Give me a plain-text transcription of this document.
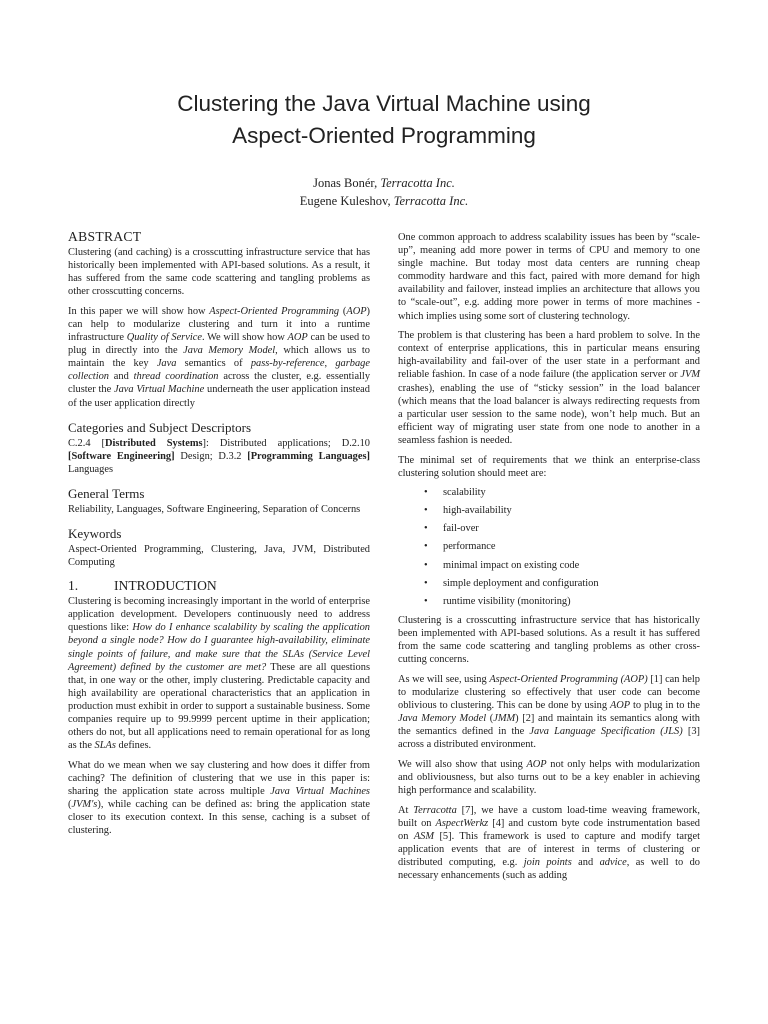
Clustering the Java Virtual Machine using
Aspect-Oriented Programming
Jonas Bonér, Terracotta Inc.
Eugene Kuleshov, Terracotta Inc.
ABSTRACT

Clustering (and caching) is a crosscutting infrastructure service that has historically been implemented with API-based solutions. As a result, it has suffered from the same code scattering and tangling problems as other crosscutting concerns.

In this paper we will show how Aspect-Oriented Programming (AOP) can help to modularize clustering and turn it into a runtime infrastructure Quality of Service. We will show how AOP can be used to plug in directly into the Java Memory Model, which allows us to maintain the key Java semantics of pass-by-reference, garbage collection and thread coordination across the cluster, e.g. essentially cluster the Java Virtual Machine underneath the user application instead of the user application directly

Categories and Subject Descriptors

C.2.4 [Distributed Systems]: Distributed applications; D.2.10 [Software Engineering] Design; D.3.2 [Programming Languages] Languages

General Terms

Reliability, Languages, Software Engineering, Separation of Concerns

Keywords

Aspect-Oriented Programming, Clustering, Java, JVM, Distributed Computing

1.	INTRODUCTION

Clustering is becoming increasingly important in the world of enterprise application development. Developers continuously need to address questions like: How do I enhance scalability by scaling the application beyond a single node? How do I guarantee high-availability, eliminate single points of failure, and make sure that the SLAs (Service Level Agreement) defined by the customer are met? These are all questions that, in one way or the other, imply clustering. Predictable capacity and high availability are operational characteristics that an application in production must exhibit in order to support a sustainable business. Some companies require up to 99.9999 percent uptime in their application; others do not, but all applications need to remain operational for as long as the SLAs defines.

What do we mean when we say clustering and how does it differ from caching? The definition of clustering that we use in this paper is: sharing the application state across multiple Java Virtual Machines (JVM's), while caching can be defined as: bring the application state closer to its execution context. In this sense, caching is a subset of clustering.

One common approach to address scalability issues has been by “scale-up”, meaning add more power in terms of CPU and memory to one single machine. But today most data centers are running cheap commodity hardware and this fact, paired with more demand for high availability and failover, instead implies an architecture that allows you to “scale-out”, e.g. adding more power in terms of more machines - which implies using some sort of clustering technology.

The problem is that clustering has been a hard problem to solve. In the context of enterprise applications, this in particular means ensuring high-availability and fail-over of the user state in a performant and reliable fashion. In case of a node failure (the application server or JVM crashes), enabling the use of “sticky session” in the load balancer (which means that the load balancer is always redirecting requests from a particular user session to the same node), won’t help much. But an efficient way of migrating user state from one node to another in a seamless fashion is needed.

The minimal set of requirements that we think an enterprise-class clustering solution should meet are:

• scalability
• high-availability
• fail-over
• performance
• minimal impact on existing code
• simple deployment and configuration
• runtime visibility (monitoring)

Clustering is a crosscutting infrastructure service that has historically been implemented with API-based solutions. As a result it has suffered from the same code scattering and tangling problems as other cross-cutting concerns.

As we will see, using Aspect-Oriented Programming (AOP) [1] can help to modularize clustering so effectively that user code can become oblivious to clustering. This can be done by using AOP to plug in to the Java Memory Model (JMM) [2] and maintain its semantics along with the semantics defined in the Java Language Specification (JLS) [3] across a distributed environment.

We will also show that using AOP not only helps with modularization and obliviousness, but also turns out to be a key enabler in achieving high performance and scalability.

At Terracotta [7], we have a custom load-time weaving framework, built on AspectWerkz [4] and custom byte code instrumentation based on ASM [5]. This framework is used to capture and modify target application events that are of interest in terms of clustering or distributed computing, e.g. join points and advice, as well to do necessary enhancements (such as adding
